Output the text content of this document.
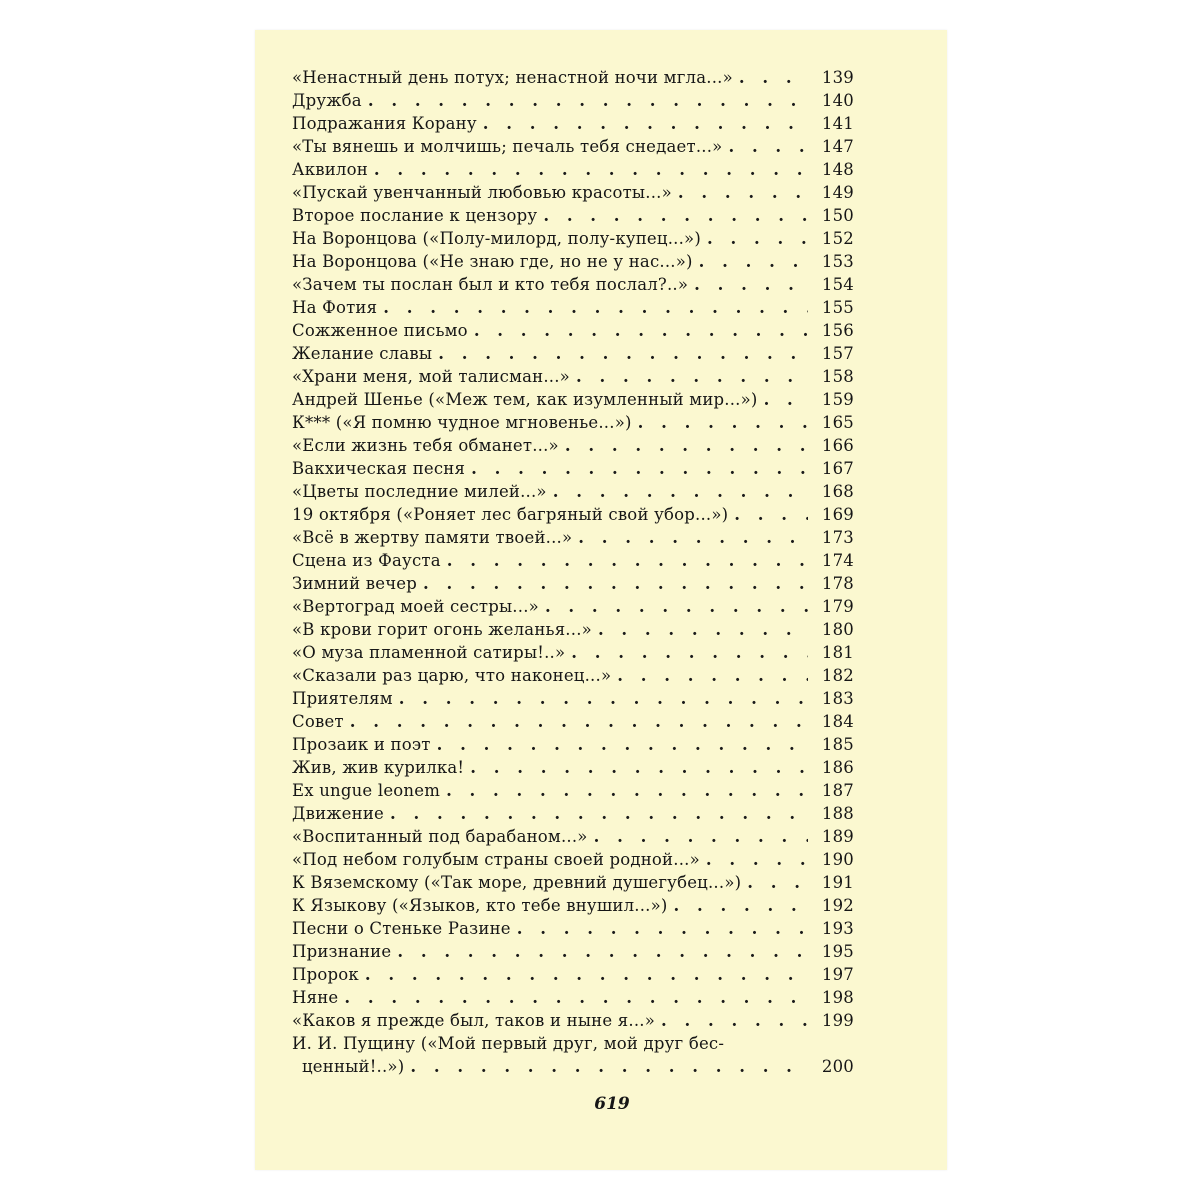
«Ненастный день потух; ненастной ночи мгла...» . . .	139
Дружба . . .	140
Подражания Корану . . .	141
«Ты вянешь и молчишь; печаль тебя снедает...» . . .	147
Аквилон . . .	148
«Пускай увенчанный любовью красоты...» . . .	149
Второе послание к цензору . . .	150
На Воронцова («Полу-милорд, полу-купец...») . . .	152
На Воронцова («Не знаю где, но не у нас...») . . .	153
«Зачем ты послан был и кто тебя послал?..» . . .	154
На Фотия . . .	155
Сожженное письмо . . .	156
Желание славы . . .	157
«Храни меня, мой талисман...» . . .	158
Андрей Шенье («Меж тем, как изумленный мир...») . . .	159
К*** («Я помню чудное мгновенье...») . . .	165
«Если жизнь тебя обманет...» . . .	166
Вакхическая песня . . .	167
«Цветы последние милей...» . . .	168
19 октября («Роняет лес багряный свой убор...») . . .	169
«Всё в жертву памяти твоей...» . . .	173
Сцена из Фауста . . .	174
Зимний вечер . . .	178
«Вертоград моей сестры...» . . .	179
«В крови горит огонь желанья...» . . .	180
«О муза пламенной сатиры!..» . . .	181
«Сказали раз царю, что наконец...» . . .	182
Приятелям . . .	183
Совет . . .	184
Прозаик и поэт . . .	185
Жив, жив курилка! . . .	186
Ex ungue leonem . . .	187
Движение . . .	188
«Воспитанный под барабаном...» . . .	189
«Под небом голубым страны своей родной...» . . .	190
К Вяземскому («Так море, древний душегубец...») . . .	191
К Языкову («Языков, кто тебе внушил...») . . .	192
Песни о Стеньке Разине . . .	193
Признание . . .	195
Пророк . . .	197
Няне . . .	198
«Каков я прежде был, таков и ныне я...» . . .	199
И. И. Пущину («Мой первый друг, мой друг бес-
ценный!..») . . .	200
619
